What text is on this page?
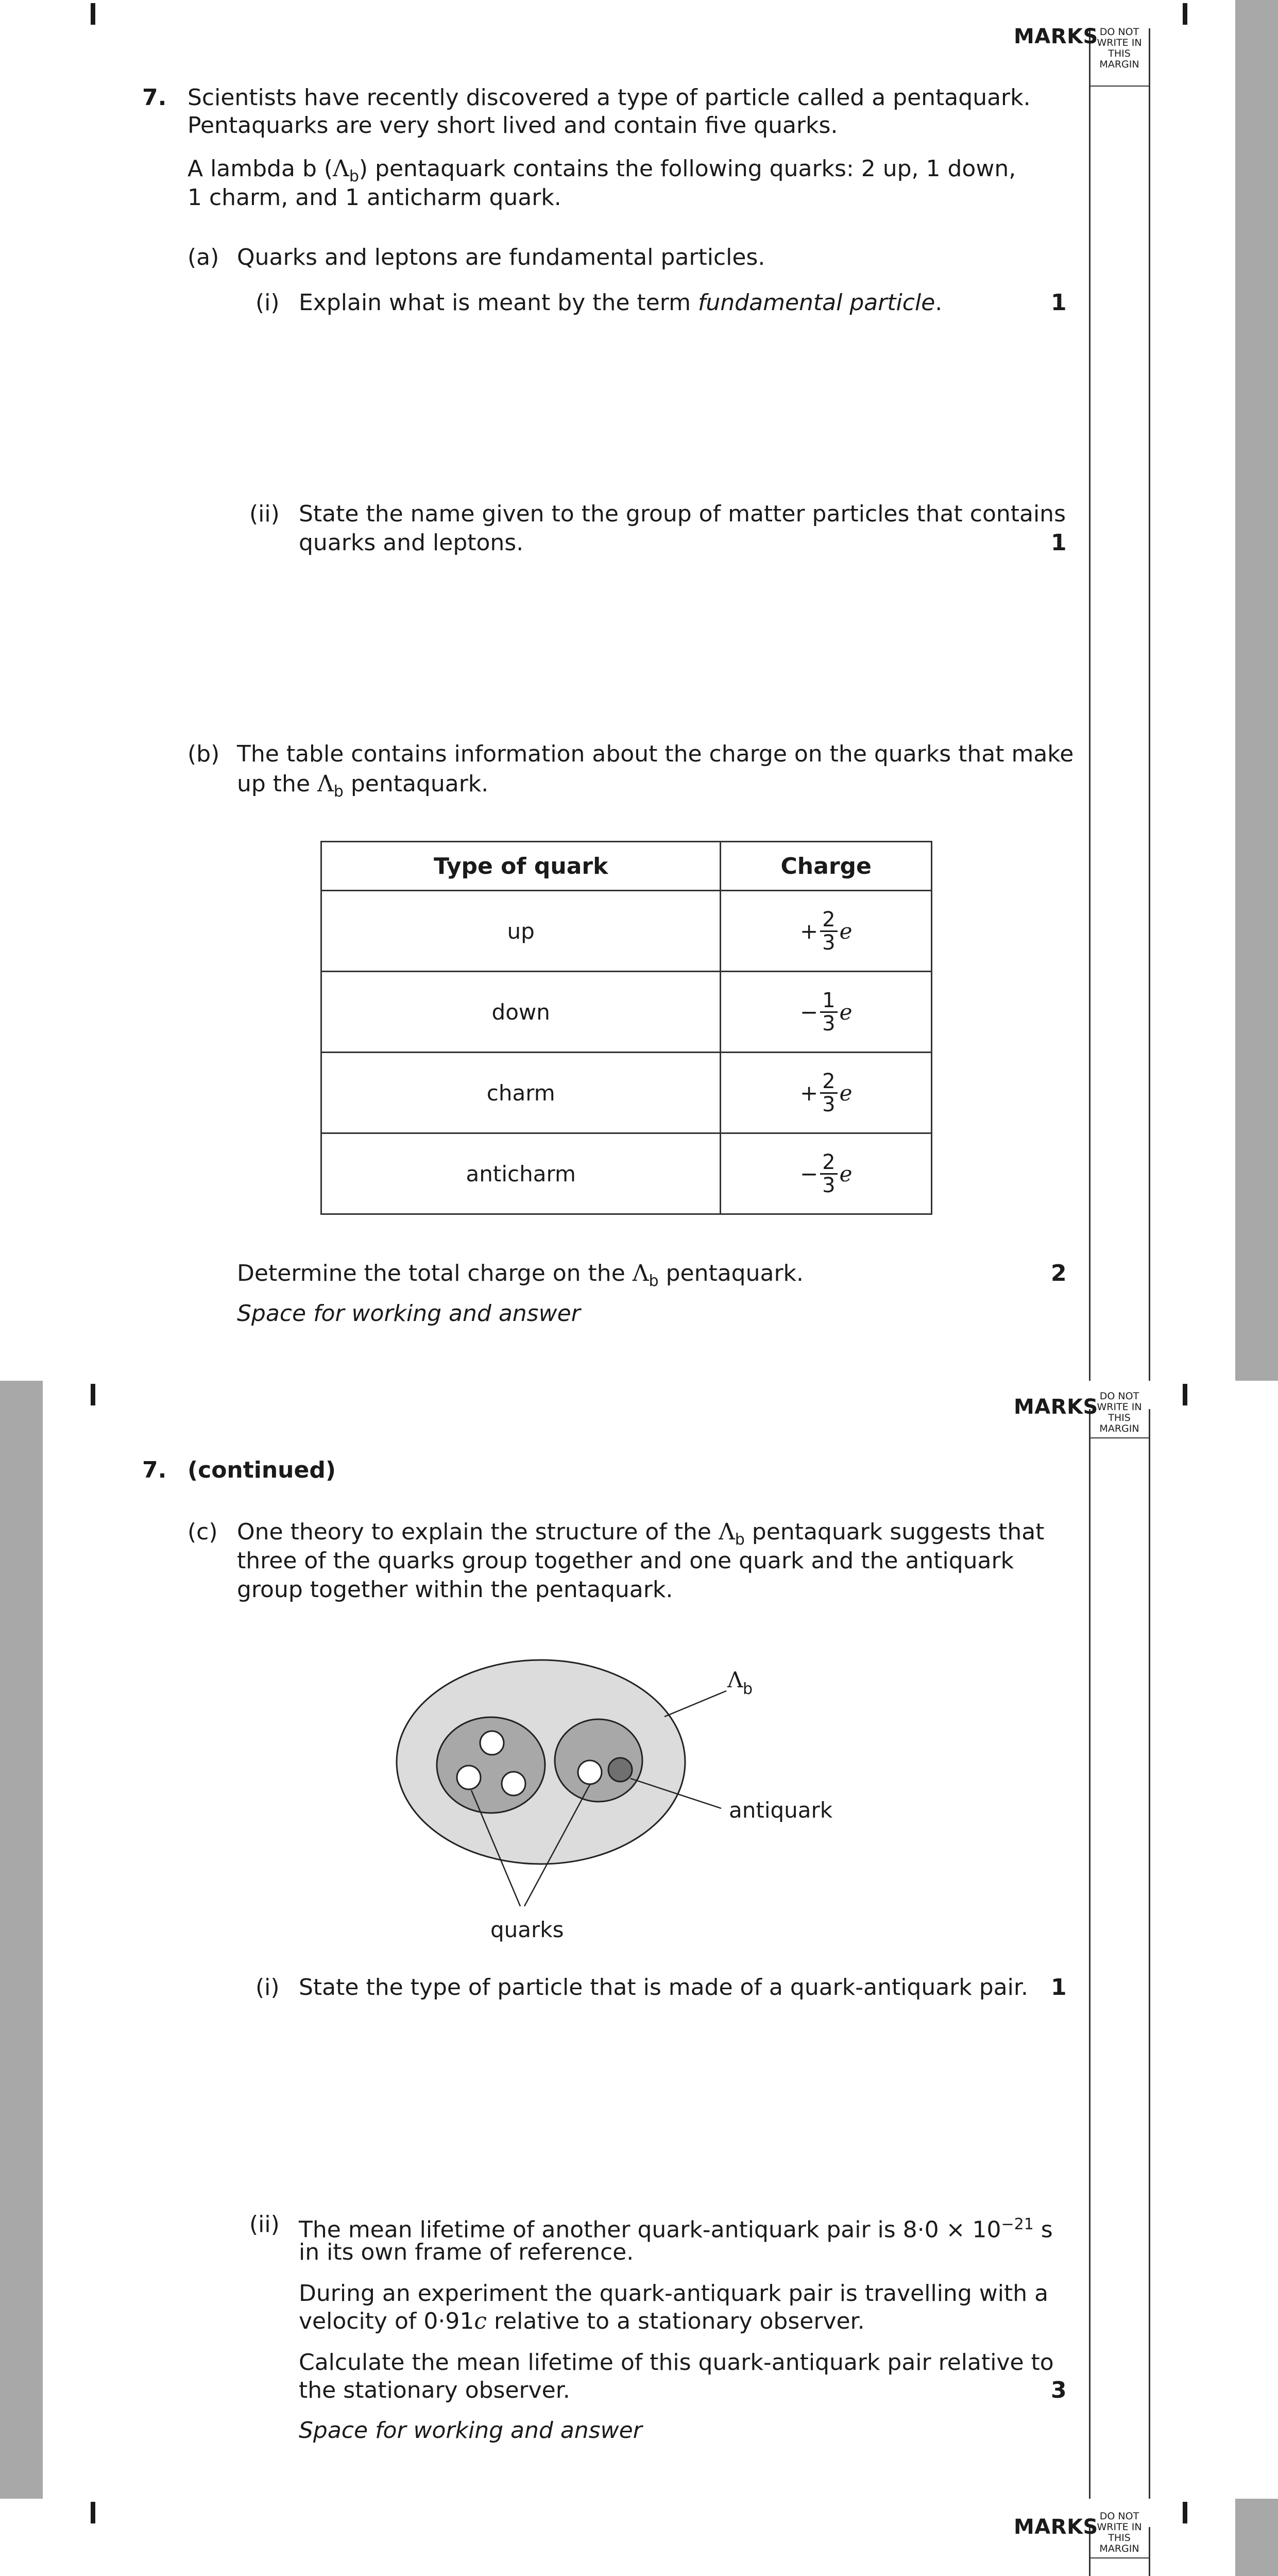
MARKS DO NOT
WRITE IN
THIS
MARGIN
7. Scientists have recently discovered a type of particle called a pentaquark.
Pentaquarks are very short lived and contain five quarks.
A lambda b $(\Lambda_b)$ pentaquark contains the following quarks: 2 up, 1 down,
1 charm, and 1 anticharm quark.
(a) Quarks and leptons are fundamental particles.
(i) Explain what is meant by the term fundamental particle.	1
(ii) State the name given to the group of matter particles that contains
quarks and leptons.	1
(b) The table contains information about the charge on the quarks that make
up the $\Lambda_b$ pentaquark.
Type of quark	Charge
up	+ $\frac{2}{3}$ e
down	− $\frac{1}{3}$ e
charm	+ $\frac{2}{3}$ e
anticharm	− $\frac{2}{3}$ e
Determine the total charge on the $\Lambda_b$ pentaquark.	2
Space for working and answer
MARKS DO NOT
WRITE IN
THIS
MARGIN
7. (continued)
(c) One theory to explain the structure of the $\Lambda_b$ pentaquark suggests that
three of the quarks group together and one quark and the antiquark
group together within the pentaquark.
Λ b
antiquark
quarks
(i) State the type of particle that is made of a quark-antiquark pair. 1
(ii) The mean lifetime of another quark-antiquark pair is $8\cdot 0 \times 10^{-21}$ s
in its own frame of reference.
During an experiment the quark-antiquark pair is travelling with a
velocity of 0·91c relative to a stationary observer.
Calculate the mean lifetime of this quark-antiquark pair relative to
the stationary observer.	3
Space for working and answer
MARKS DO NOT
WRITE IN
THIS
MARGIN
